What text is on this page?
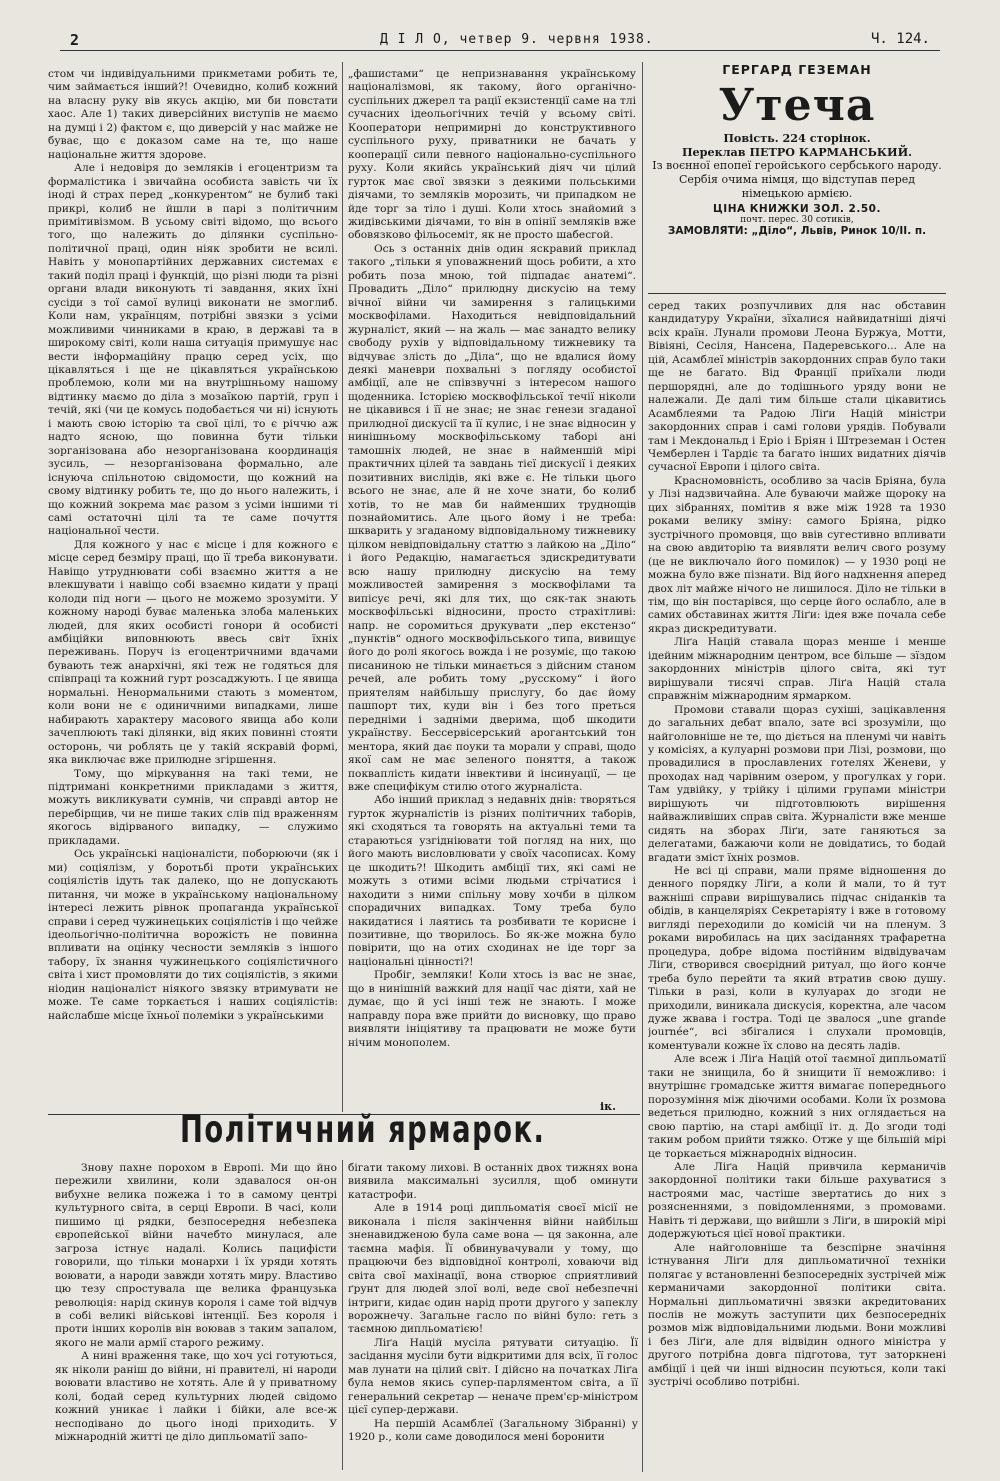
2	Д І Л О, четвер 9. червня 1938.	Ч. 124.
ГЕРГАРД ГЕЗЕМАН
Утеча
Повість. 224 сторінок.
Переклав ПЕТРО КАРМАНСЬКИЙ.
Із воєнної епопеї геройського сербського народу. Сербія очима німця, що відступав перед німецькою армією.
ЦІНА КНИЖКИ ЗОЛ. 2.50.
почт. перес. 30 сотиків,
ЗАМОВЛЯТИ: „Діло“, Львів, Ринок 10/ІІ. п.

стом чи індивідуальними прикметами робить те, чим займається інший?! Очевидно, колиб кожний на власну руку вів якусь акцію, ми би повстати хаос. Але 1) таких диверсійних виступів не маємо на думці і 2) фактом є, що диверсій у нас майже не буває, що є доказом саме на те, що наше національне життя здорове.

Але і недовіря до земляків і егоцентризм та формалістика і звичайна особиста завість чи їх іноді й страх перед „конкурентом“ не булиб такі прикрі, колиб не йшли в парі з політичним примітивізмом. В усьому світі відомо, що всього того, що належить до ділянки суспільно-політичної праці, один ніяк зробити не всилі. Навіть у монопартійних державних системах є такий поділ праці і функцій, що різні люди та різні органи влади виконують ті завдання, яких їхні сусіди з тої самої вулиці виконати не змоглиб. Коли нам, українцям, потрібні звязки з усіми можливими чинниками в краю, в державі та в широкому світі, коли наша ситуація примушує нас вести інформаційну працю серед усіх, що цікавляться і ще не цікавляться українською проблемою, коли ми на внутрішньому нашому відтинку маємо до діла з мозаїкою партій, груп і течій, які (чи це комусь подобається чи ні) існують і мають свою історію та свої цілі, то є річчю аж надто ясною, що повинна бути тільки зорганізована або незорганізована координація зусиль, — незорганізована формально, але існуюча спільнотою свідомости, що кожний на свому відтинку робить те, що до нього належить, і що кожний зокрема має разом з усіми іншими ті самі остаточні цілі та те саме почуття національної чести.

Для кожного у нас є місце і для кожного є місце серед безміру праці, що її треба виконувати. Навіщо утруднювати собі взаємно життя а не влекшувати і навіщо собі взаємно кидати у праці колоди під ноги — цього не можемо зрозуміти. У кожному народі буває маленька злоба маленьких людей, для яких особисті гонори й особисті амбіційки виповнюють ввесь світ їхніх переживань. Поруч із егоцентричними вдачами бувають теж анархічні, які теж не годяться для співпраці та кожний гурт розсаджують. І це явища нормальні. Ненормальними стають з моментом, коли вони не є одиничними випадками, лише набирають характеру масового явища або коли зачеплюють такі ділянки, від яких повинні стояти осторонь, чи роблять це у такій яскравій формі, яка виключає вже прилюдне згіршення.

Тому, що міркування на такі теми, не підтримані конкретними прикладами з життя, можуть викликувати сумнів, чи справді автор не перебірщив, чи не пише таких слів під враженням якогось відірваного випадку, — служимо прикладами.

Ось українські націоналісти, поборюючи (як і ми) соціялізм, у боротьбі проти українських соціялістів ідуть так далеко, що не допускають питання, чи може в українському національному інтересі лежить рівнок пропаганда української справи і серед чужинецьких соціялістів і що чейже ідеольогічно-політична ворожість не повинна впливати на оцінку чесности земляків з іншого табору, їх знання чужинецького соціялістичного світа і хист промовляти до тих соціялістів, з якими ніодин націоналіст ніякого звязку втримувати не може. Те саме торкається і наших соціялістів: найслабше місце їхньої полеміки з українськими

„фашистами“ це непризнавання українському націоналізмові, як такому, його органічно-суспільних джерел та рації екзистенції саме на тлі сучасних ідеольогічних течій у всьому світі. Кооператори непримирні до конструктивного суспільного руху, приватники не бачать у кооперації сили певного національно-суспільного руху. Коли якийсь український діяч чи цілий гурток має свої звязки з деякими польськими діячами, то земляків морозить, чи припадком не йде торг за тіло і душі. Коли хтось знайомий з жидівськими діячами, то він в опінії земляків вже обовязково фільосеміт, як не просто шабесгой.

Ось з останніх днів один яскравий приклад такого „тільки я уповажнений щось робити, а хто робить поза мною, той підпадає анатемі“. Провадить „Діло“ прилюдну дискусію на тему вічної війни чи замирення з галицькими москвофілами. Находиться невідповідальний журналіст, який — на жаль — має занадто велику свободу рухів у відповідальному тижневику та відчуває злість до „Діла“, що не вдалися йому деякі маневри похвальні з погляду особистої амбіції, але не співзвучні з інтересом нашого щоденника. Історією москвофільської течії ніколи не цікавився і її не знає; не знає генези згаданої прилюдної дискусії та її кулис, і не знає відносин у нинішньому москвофільському таборі ані тамошніх людей, не знає в найменшій мірі практичних цілей та завдань тієї дискусії і деяких позитивних вислідів, які вже є. Не тільки цього всього не знає, але й не хоче знати, бо колиб хотів, то не мав би найменших труднощів познайомитись. Але цього йому і не треба: шкварить у згаданому відповідальному тижневику цілком невідповідальну статтю з лайкою на „Діло“ і його Редакцію, намагається здискредитувати всю нашу прилюдну дискусію на тему можливостей замирення з москвофілами та випісує речі, які для тих, що сяк-так знають москвофільські відносини, просто стрaхітливі: напр. не соромиться друкувати „пер екстензо“ „пунктів“ одного москвофільського типа, вивищує його до ролі якогось вожда і не розуміє, що такою писаниною не тільки минається з дійсним станом речей, але робить тому „русскому“ і його приятелям найбільшу прислугу, бо дає йому пашпорт тих, куди він і без того преться передніми і задніми дверима, щоб шкодити українству. Бессервісерський арогантський тон ментора, який дає поуки та морали у справі, щодо якої сам не має зеленого поняття, а також покваплість кидати інвективи й інсинуації, — це вже специфікум стилю отого журналіста.

Або інший приклад з недавніх днів: творяться гурток журналістів із різних політичних таборів, які сходяться та говорять на актуальні теми та стараються узгідніювати той погляд на них, що його мають висловлювати у своїх часописах. Кому це шкодить?! Шкодить амбіції тих, які самі не можуть з отими всіми людьми стрічатися і находити з ними спільну мову хочби в цілком спорадичних випадках. Тому треба було накидатися і лаятись та розбивати те корисне і позитивне, що творилось. Бо як-же можна було повірити, що на отих сходинах не іде торг за національні цінності?!

Пробіг, земляки! Коли хтось із вас не знає, що в нинішній важкий для нації час діяти, хай не думає, що й усі інші теж не знають. І може направду пора вже прийти до висновку, що право виявляти ініціятиву та працювати не може бути нічим монополем.

ік.
Політичний ярмарок.

Знову пахне порохом в Европі. Ми що йно пережили хвилини, коли здавалося он-он вибухне велика пожежа і то в самому центрі культурного світа, в серці Европи. В часі, коли пишимо ці рядки, безпосередня небезпека європейської війни начебто минулася, але загроза істнує надалі. Колись пацифісти говорили, що тільки монархи і їх уряди хотять воювати, а народи завжди хотять миру. Властиво цю тезу спростувала ще велика французька революція: нарід скинув короля і саме той відчув в собі великі військові інтенції. Без короля і проти інших королів він воював з таким запалом, якого не мали армії старого режиму.

А нині враження таке, що хоч усі готуються, як ніколи раніш до війни, ні правителі, ні народи воювати властиво не хотять. Але й у приватному колі, бодай серед культурних людей свідомо кожний уникає і лайки і бійки, але все-ж несподівано до цього іноді приходить. У міжнародній житті це діло дипльоматії запо-

бігати такому лихові. В останніх двох тижнях вона виявила максимальні зусилля, щоб оминути катастрофи.

Але в 1914 році дипльоматія своєї місії не виконала і після закінчення війни найбільш зненавидженою була саме вона — ця законна, але таємна мафія. Її обвинувачували у тому, що працюючи без відповідної контролі, ховаючи від світа свої махінації, вона створює сприятливий ґрунт для людей злої волі, веде свої небезпечні інтриги, кидає один нарід проти другого у запеклу ворожнечу. Загальне гасло по війні було: геть з таємною дипльоматією!

Ліґа Націй мусіла рятувати ситуацію. Її засідання мусіли бути відкритими для всіх, її голос мав лунати на цілий світ. І дійсно на початках Ліґа була немов якись супер-парляментом світа, а її генеральний секретар — неначе прем'єр-міністром цієї супер-держави.

На першій Асамблеї (Загальному Зібранні) у 1920 р., коли саме доводилося мені боронити

серед таких розпучливих для нас обставин кандидатуру України, зїхалися найвидатніші діячі всіх країн. Лунали промови Леона Буржуа, Мотти, Вівіяні, Сесіля, Нансена, Падеревського... Але на цій, Асамблеї міністрів закордонних справ було таки ще не багато. Від Франції приїхали люди першорядні, але до тодішнього уряду вони не належали. Де далі тим більше стали цікавитись Асамблеями та Радою Ліґи Націй міністри закордонних справ і самі голови урядів. Побували там і Мекдональд і Еріо і Бріян і Штреземан і Остен Чемберлен і Тардіє та багато інших видатних діячів сучасної Европи і цілого світа.

Красномовність, особливо за часів Бріяна, була у Лізі надзвичайна. Але буваючи майже щороку на цих зібраннях, помітив я вже між 1928 та 1930 роками велику зміну: самого Бріяна, рідко зустрічного промовця, що ввів сугестивно впливати на свою авдиторію та виявляти велич свого розуму (це не виключало його помилок) — у 1930 році не можна було вже пізнати. Від його надхнення аперед двох літ майже нічого не лишилося. Діло не тільки в тім, що він постарівся, що серце його ослабло, але в самих обставинах життя Ліґи: ідея вже почала себе якраз дискредитувати.

Ліґа Націй ставала щораз менше і менше ідейним міжнародним центром, все більше — зїздом закордонних міністрів цілого світа, які тут вирішували тисячі справ. Ліґа Націй стала справжнім міжнародним ярмарком.

Промови ставали щораз сухіші, зацікавлення до загальних дебат впало, зате всі зрозуміли, що найголовніше не те, що діється на пленумі чи навіть у комісіях, а кулуарні розмови при Лізі, розмови, що провадилися в прославлених готелях Женеви, у проходах над чарівним озером, у прогулках у гори. Там удвійку, у трійку і цілими групами міністри вирішують чи підготовлюють вирішення найважливіших справ світа. Журналісти вже менше сидять на зборах Ліґи, зате ганяються за делегатами, бажаючи коли не довідатись, то бодай вгадати зміст їхніх розмов.

Не всі ці справи, мали пряме відношення до денного порядку Ліґи, а коли й мали, то й тут важніші справи вирішувались підчас сніданків та обідів, в канцеляріях Секретаріяту і вже в готовому вигляді переходили до комісій чи на пленум. З роками виробилась на цих засіданнях трафаретна процедура, добре відома постійним відвідувачам Ліґи, створився своєрідний ритуал, що його конче треба було перейти та який втратив свою душу. Тільки в разі, коли в кулуарах до згоди не приходили, виникала дискусія, коректна, але часом дуже жвава і гостра. Тоді це звалося „une grande journée“, всі збігалися і слухали промовців, коментували кожне їх слово на десять ладів.

Але всеж і Ліґа Націй отої таємної дипльоматії таки не знищила, бо й знищити її неможливо: і внутрішнє громадське життя вимагає попереднього порозуміння між діючими особами. Коли їх розмова ведеться прилюдно, кожний з них оглядається на свою партію, на старі амбіції іт. д. До згоди тоді таким робом прийти тяжко. Отже у ще більшій мірі це торкається міжнародніх відносин.

Але Ліґа Націй привчила керманичів закордонної політики таки більше рахуватися з настроями мас, частіше звертатись до них з розясненнями, з повідомленнями, з промовами. Навіть ті держави, що вийшли з Ліґи, в широкій мірі додержуються цієї нової практики.

Але найголовніше та безспірне значіння істнування Ліґи для дипльоматичної техніки полягає у встановленні безпосередніх зустрічей між керманичами закордонної політики світа. Нормальні дипльоматичні звязки акредитованих послів не можуть заступити цих безпосередніх розмов між відповідальними людьми. Вони можливі і без Ліґи, але для відвідин одного міністра у другого потрібна довга підготова, тут затоpкнені амбіції і цей чи інші відносин псуються, коли такі зустрічі особливо потрібні.
